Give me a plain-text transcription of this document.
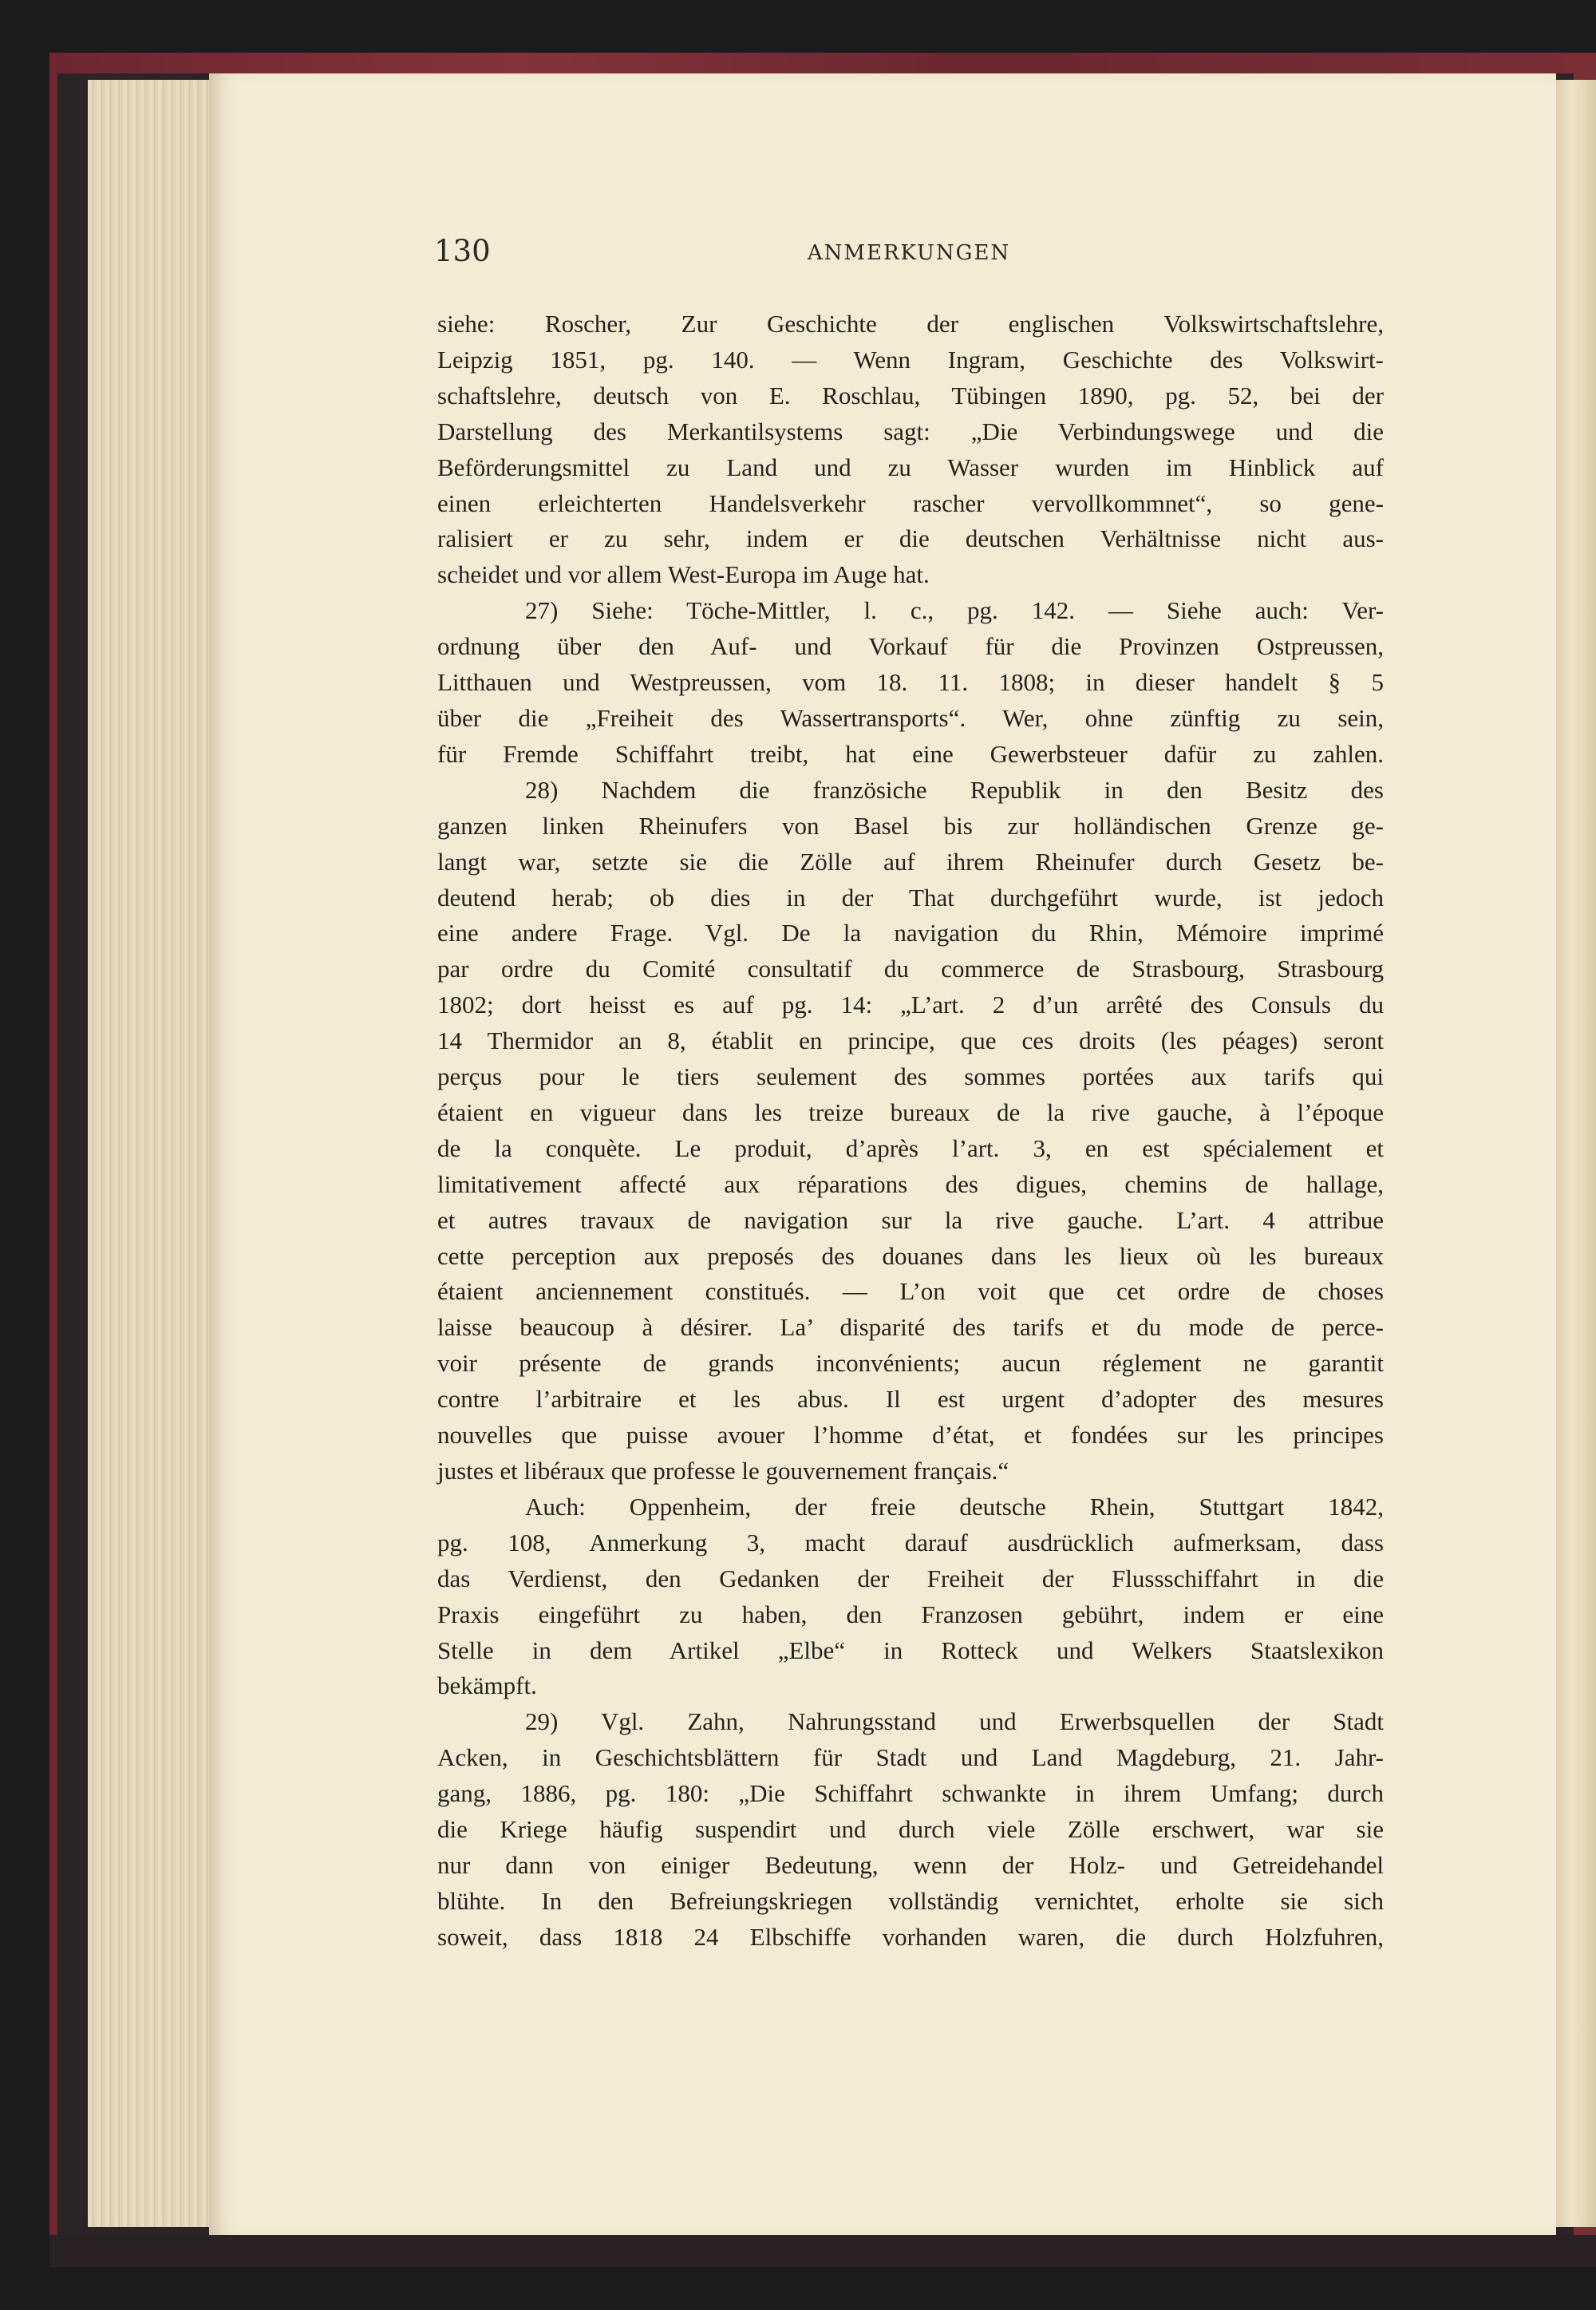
130	ANMERKUNGEN

siehe: Roscher, Zur Geschichte der englischen Volkswirtschaftslehre,

Leipzig 1851, pg. 140. — Wenn Ingram, Geschichte des Volkswirt-

schaftslehre, deutsch von E. Roschlau, Tübingen 1890, pg. 52, bei der

Darstellung des Merkantilsystems sagt: „Die Verbindungswege und die

Beförderungsmittel zu Land und zu Wasser wurden im Hinblick auf

einen erleichterten Handelsverkehr rascher vervollkommnet“, so gene-

ralisiert er zu sehr, indem er die deutschen Verhältnisse nicht aus-

scheidet und vor allem West-Europa im Auge hat.

27) Siehe: Töche-Mittler, l. c., pg. 142. — Siehe auch: Ver-

ordnung über den Auf- und Vorkauf für die Provinzen Ostpreussen,

Litthauen und Westpreussen, vom 18. 11. 1808; in dieser handelt § 5

über die „Freiheit des Wassertransports“. Wer, ohne zünftig zu sein,

für Fremde Schiffahrt treibt, hat eine Gewerbsteuer dafür zu zahlen.

28) Nachdem die französiche Republik in den Besitz des

ganzen linken Rheinufers von Basel bis zur holländischen Grenze ge-

langt war, setzte sie die Zölle auf ihrem Rheinufer durch Gesetz be-

deutend herab; ob dies in der That durchgeführt wurde, ist jedoch

eine andere Frage. Vgl. De la navigation du Rhin, Mémoire imprimé

par ordre du Comité consultatif du commerce de Strasbourg, Strasbourg

1802; dort heisst es auf pg. 14: „L’art. 2 d’un arrêté des Consuls du

14 Thermidor an 8, établit en principe, que ces droits (les péages) seront

perçus pour le tiers seulement des sommes portées aux tarifs qui

étaient en vigueur dans les treize bureaux de la rive gauche, à l’époque

de la conquète. Le produit, d’après l’art. 3, en est spécialement et

limitativement affecté aux réparations des digues, chemins de hallage,

et autres travaux de navigation sur la rive gauche. L’art. 4 attribue

cette perception aux preposés des douanes dans les lieux où les bureaux

étaient anciennement constitués. — L’on voit que cet ordre de choses

laisse beaucoup à désirer. La’ disparité des tarifs et du mode de perce-

voir présente de grands inconvénients; aucun réglement ne garantit

contre l’arbitraire et les abus. Il est urgent d’adopter des mesures

nouvelles que puisse avouer l’homme d’état, et fondées sur les principes

justes et libéraux que professe le gouvernement français.“

Auch: Oppenheim, der freie deutsche Rhein, Stuttgart 1842,

pg. 108, Anmerkung 3, macht darauf ausdrücklich aufmerksam, dass

das Verdienst, den Gedanken der Freiheit der Flussschiffahrt in die

Praxis eingeführt zu haben, den Franzosen gebührt, indem er eine

Stelle in dem Artikel „Elbe“ in Rotteck und Welkers Staatslexikon

bekämpft.

29) Vgl. Zahn, Nahrungsstand und Erwerbsquellen der Stadt

Acken, in Geschichtsblättern für Stadt und Land Magdeburg, 21. Jahr-

gang, 1886, pg. 180: „Die Schiffahrt schwankte in ihrem Umfang; durch

die Kriege häufig suspendirt und durch viele Zölle erschwert, war sie

nur dann von einiger Bedeutung, wenn der Holz- und Getreidehandel

blühte. In den Befreiungskriegen vollständig vernichtet, erholte sie sich

soweit, dass 1818 24 Elbschiffe vorhanden waren, die durch Holzfuhren,
